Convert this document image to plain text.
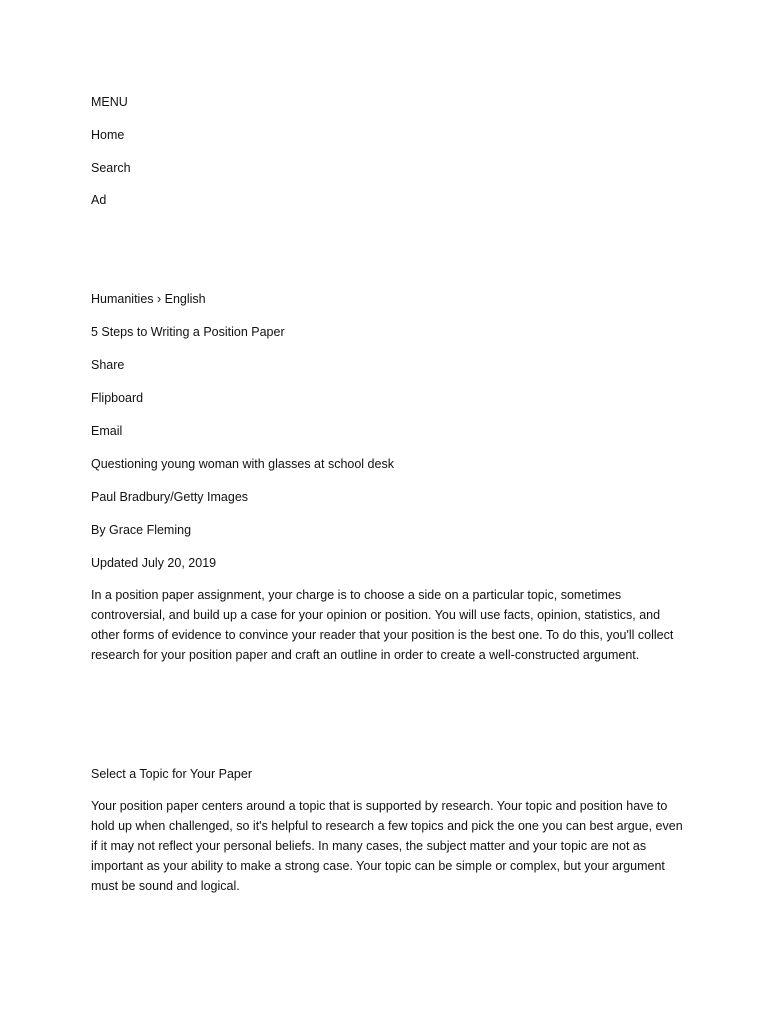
MENU

Home

Search

Ad

Humanities › English

5 Steps to Writing a Position Paper

Share

Flipboard

Email

Questioning young woman with glasses at school desk

Paul Bradbury/Getty Images

By Grace Fleming

Updated July 20, 2019

In a position paper assignment, your charge is to choose a side on a particular topic, sometimes controversial, and build up a case for your opinion or position. You will use facts, opinion, statistics, and other forms of evidence to convince your reader that your position is the best one. To do this, you'll collect research for your position paper and craft an outline in order to create a well-constructed argument.

Select a Topic for Your Paper

Your position paper centers around a topic that is supported by research. Your topic and position have to hold up when challenged, so it's helpful to research a few topics and pick the one you can best argue, even if it may not reflect your personal beliefs. In many cases, the subject matter and your topic are not as important as your ability to make a strong case. Your topic can be simple or complex, but your argument must be sound and logical.
